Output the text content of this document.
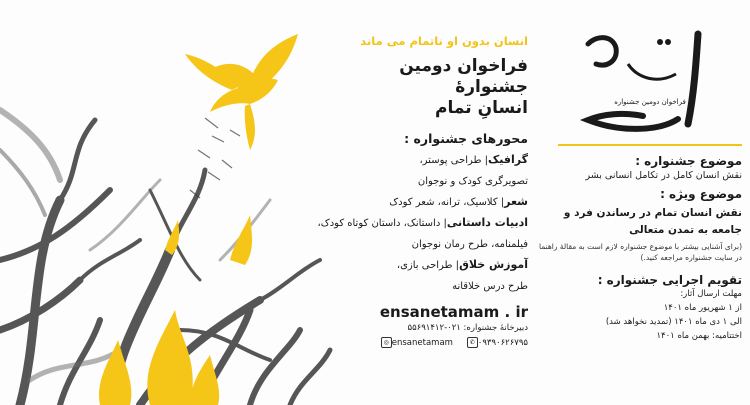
انسان بدون او ناتمام می ماند
فراخوان دومین
جشنوارۀ
انسانِ تمام
محورهای جشنواره :
گرافیک| طراحی پوستر،
تصویرگری کودک و نوجوان
شعر| کلاسیک، ترانه، شعر کودک
ادبیات داستانی| داستانک، داستان کوتاه کودک،
فیلمنامه، طرح رمان نوجوان
آموزش خلاق| طراحی بازی،
طرح درس خلاقانه
ensanetamam . ir
دبیرخانهٔ جشنواره: ۰۲۱-۵۵۶۹۱۴۱۲
◎ ensanetamam	✆ ۰۹۳۹۰۶۲۶۷۹۵
فراخوان دومین جشنواره
موضوع جشنواره :
نقش انسان کامل در تکامل انسانی بشر
موضوع ویژه :
نقش انسان تمام در رساندن فرد و جامعه به تمدن متعالی
(برای آشنایی بیشتر با موضوع جشنواره لازم است به مقالهٔ راهنما در سایت جشنواره مراجعه کنید.)
تقویم اجرایی جشنواره :
مهلت ارسال آثار:
از ۱ شهریور ماه ۱۴۰۱
الی ۱ دی ماه ۱۴۰۱ (تمدید نخواهد شد)
اختتامیه: بهمن ماه ۱۴۰۱
